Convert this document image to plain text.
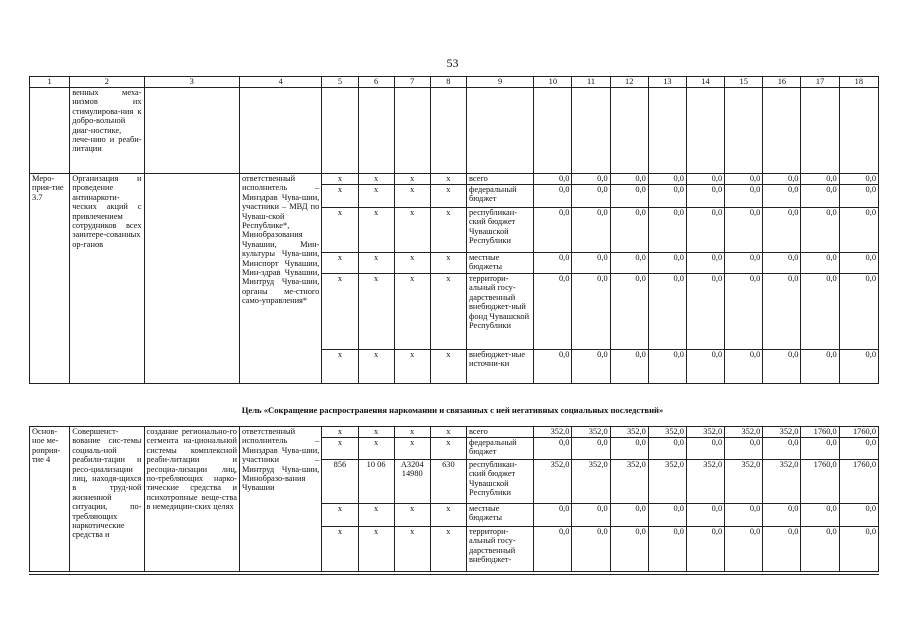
53
1	2	3	4	5	6	7	8	9	10	11	12	13	14	15	16	17	18
	венных меха-низмов их стимулирова-ния к добро-вольной диаг-ностике, лече-нию и реаби-литации																
Меро-прия-тие 3.7	Организация и проведение антинаркоти-ческих акций с привлечением сотрудников всех заинтере-сованных ор-ганов		ответственный исполнитель – Минздрав Чува-шии, участники – МВД по Чуваш-ской Республике*, Минобразования Чувашии, Мин-культуры Чува-шии, Минспорт Чувашии, Мин-здрав Чувашии, Минтруд Чува-шии, органы ме-стного само-управления*	x	x	x	x	всего	0,0	0,0	0,0	0,0	0,0	0,0	0,0	0,0	0,0
				x	x	x	x	федеральный бюджет	0,0	0,0	0,0	0,0	0,0	0,0	0,0	0,0	0,0
				x	x	x	x	республикан-ский бюджет Чувашской Республики	0,0	0,0	0,0	0,0	0,0	0,0	0,0	0,0	0,0
				x	x	x	x	местные бюджеты	0,0	0,0	0,0	0,0	0,0	0,0	0,0	0,0	0,0
				x	x	x	x	территори-альный госу-дарственный внебюджет-ный фонд Чувашской Республики	0,0	0,0	0,0	0,0	0,0	0,0	0,0	0,0	0,0
				x	x	x	x	внебюджет-ные источни-ки	0,0	0,0	0,0	0,0	0,0	0,0	0,0	0,0	0,0
Цель «Сокращение распространения наркомании и связанных с ней негативных социальных последствий»
Основ-ное ме-роприя-тие 4	Совершенст-вование сис-темы социаль-ной реабили-тации и ресо-циализации лиц, находя-щихся в труд-ной жизненной ситуации, по-требляющих наркотические средства и	создание регионально-го сегмента на-циональной системы комплексной реаби-литации и ресоциа-лизации лиц, по-требляющих нарко-тические средства и психотропные веще-ства в немедицин-ских целях	ответственный исполнитель – Минздрав Чува-шии, участники – Минтруд Чува-шии, Минобразо-вания Чувашии	x	x	x	x	всего	352,0	352,0	352,0	352,0	352,0	352,0	352,0	1760,0	1760,0
				x	x	x	x	федеральный бюджет	0,0	0,0	0,0	0,0	0,0	0,0	0,0	0,0	0,0
				856	10 06	А3204 14980	630	республикан-ский бюджет Чувашской Республики	352,0	352,0	352,0	352,0	352,0	352,0	352,0	1760,0	1760,0
				x	x	x	x	местные бюджеты	0,0	0,0	0,0	0,0	0,0	0,0	0,0	0,0	0,0
				x	x	x	x	территори-альный госу-дарственный внебюджет-	0,0	0,0	0,0	0,0	0,0	0,0	0,0	0,0	0,0
